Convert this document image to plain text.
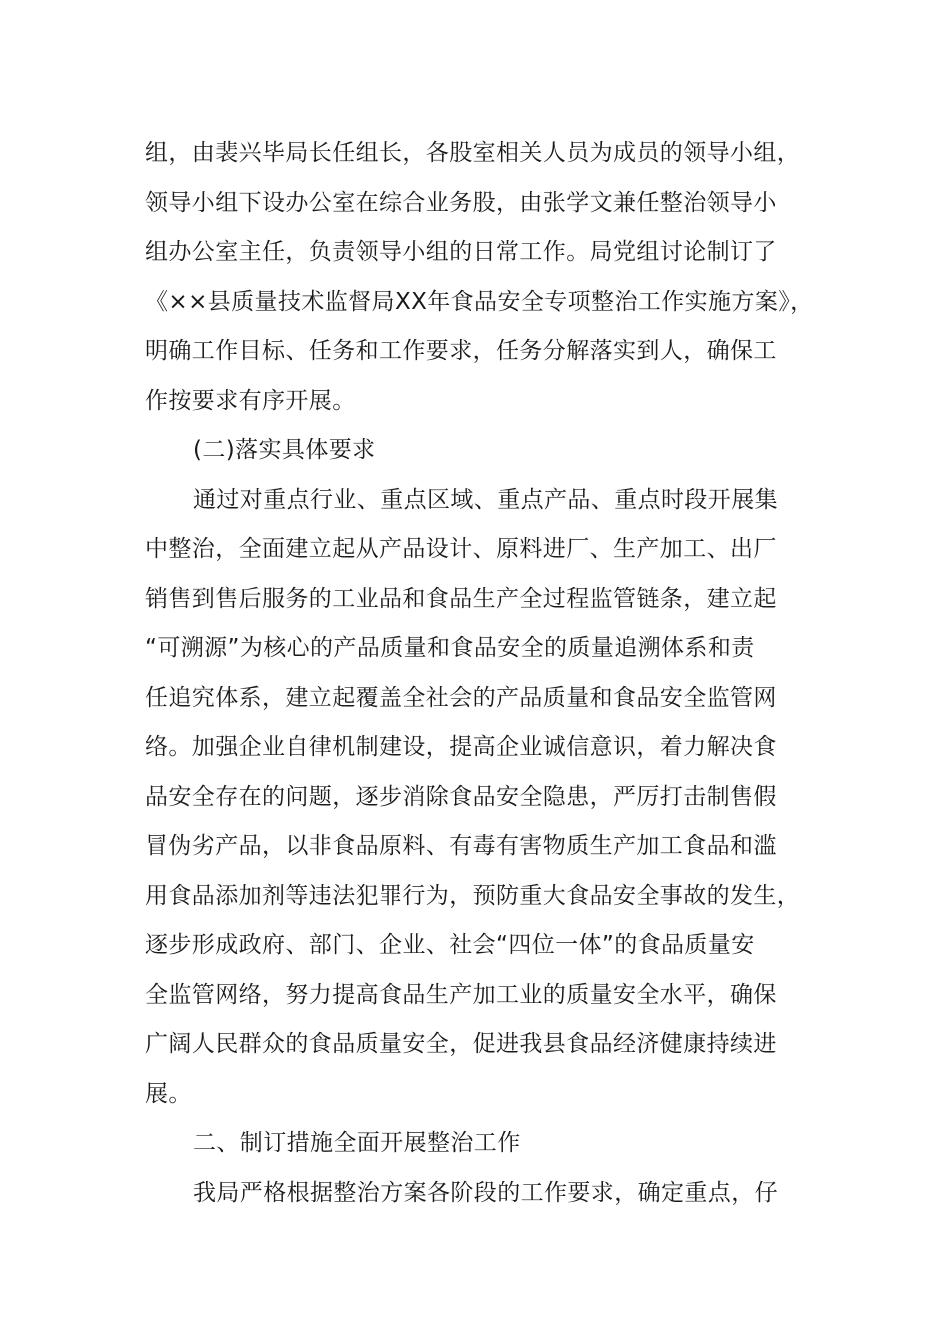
组，由裴兴毕局长任组长，各股室相关人员为成员的领导小组，
领导小组下设办公室在综合业务股，由张学文兼任整治领导小
组办公室主任，负责领导小组的日常工作。局党组讨论制订了
《××县质量技术监督局XX年食品安全专项整治工作实施方案》，
明确工作目标、任务和工作要求，任务分解落实到人，确保工
作按要求有序开展。
(二)落实具体要求
通过对重点行业、重点区域、重点产品、重点时段开展集
中整治，全面建立起从产品设计、原料进厂、生产加工、出厂
销售到售后服务的工业品和食品生产全过程监管链条，建立起
“可溯源”为核心的产品质量和食品安全的质量追溯体系和责
任追究体系，建立起覆盖全社会的产品质量和食品安全监管网
络。加强企业自律机制建设，提高企业诚信意识，着力解决食
品安全存在的问题，逐步消除食品安全隐患，严厉打击制售假
冒伪劣产品，以非食品原料、有毒有害物质生产加工食品和滥
用食品添加剂等违法犯罪行为，预防重大食品安全事故的发生，
逐步形成政府、部门、企业、社会“四位一体”的食品质量安
全监管网络，努力提高食品生产加工业的质量安全水平，确保
广阔人民群众的食品质量安全，促进我县食品经济健康持续进
展。
二、制订措施全面开展整治工作
我局严格根据整治方案各阶段的工作要求，确定重点，仔
